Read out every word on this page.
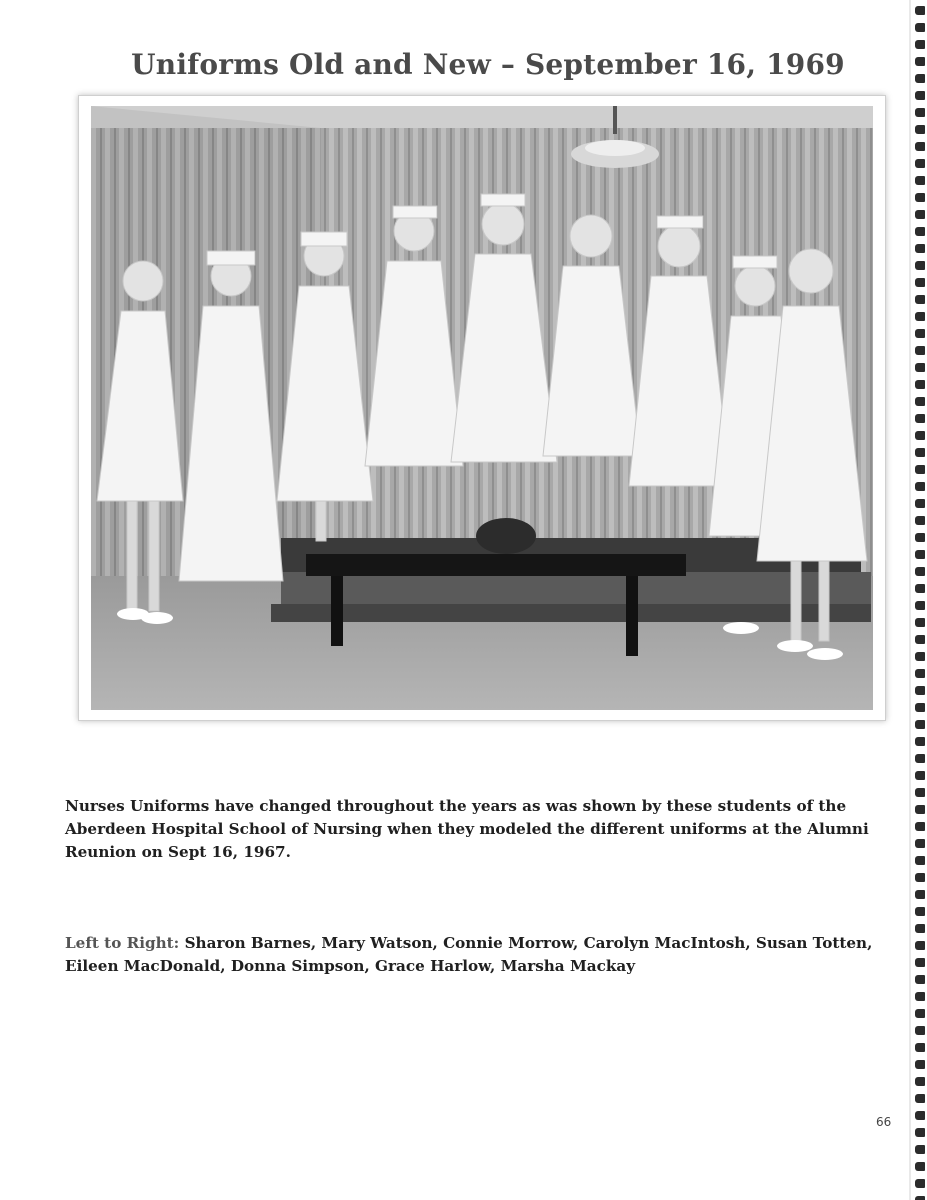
Uniforms Old and New – September 16, 1969
Nurses Uniforms have changed throughout the years as was shown by these students of the Aberdeen Hospital School of Nursing when they modeled the different uniforms at the Alumni Reunion on Sept 16, 1967.
Left to Right: Sharon Barnes, Mary Watson, Connie Morrow, Carolyn MacIntosh, Susan Totten, Eileen MacDonald, Donna Simpson, Grace Harlow, Marsha Mackay
66
